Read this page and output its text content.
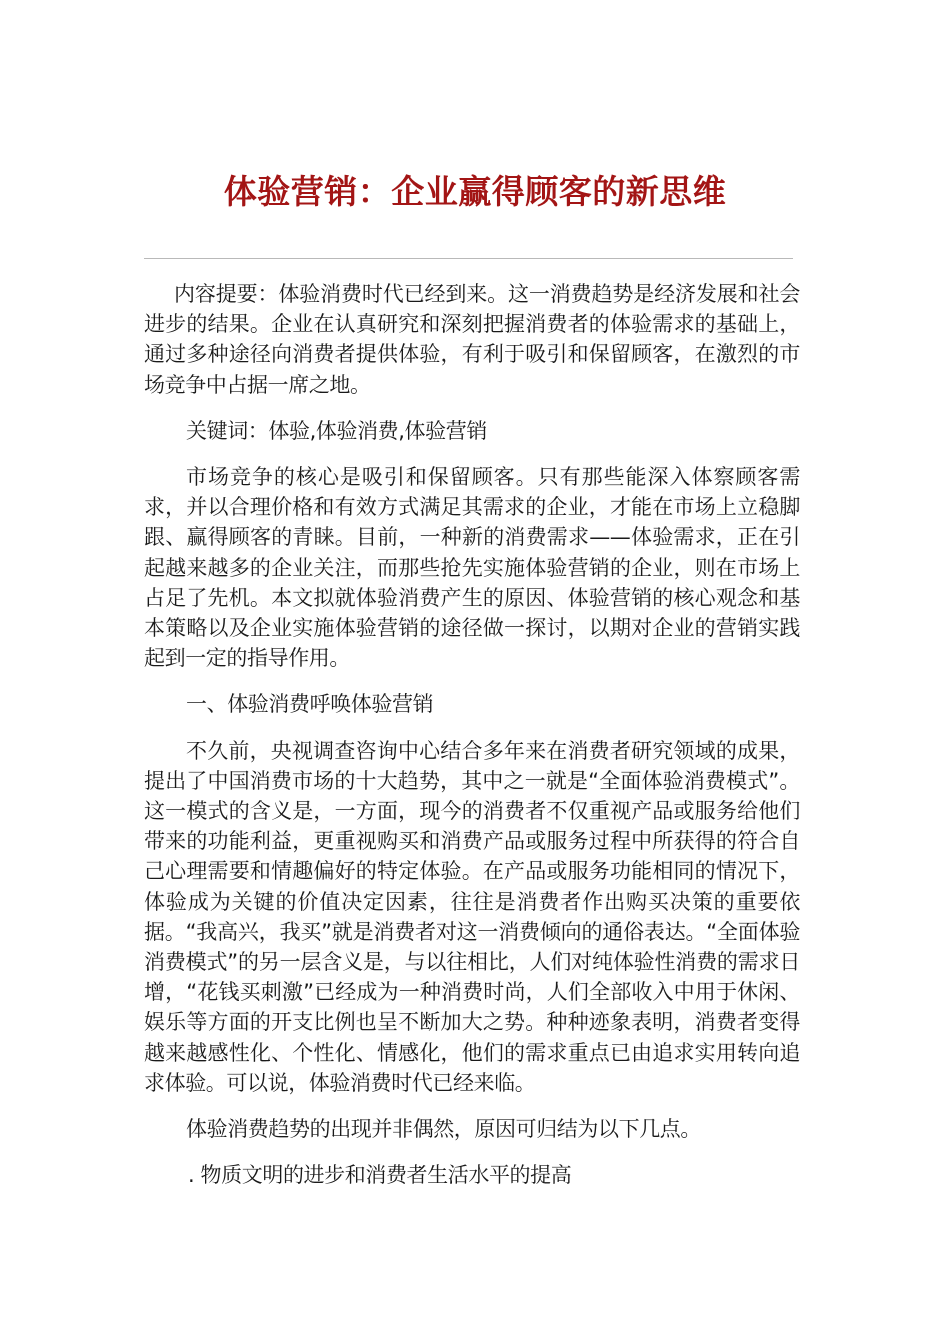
体验营销：企业赢得顾客的新思维

内容提要：体验消费时代已经到来。这一消费趋势是经济发展和社会进步的结果。企业在认真研究和深刻把握消费者的体验需求的基础上，通过多种途径向消费者提供体验，有利于吸引和保留顾客，在激烈的市场竞争中占据一席之地。

关键词：体验,体验消费,体验营销

市场竞争的核心是吸引和保留顾客。只有那些能深入体察顾客需求，并以合理价格和有效方式满足其需求的企业，才能在市场上立稳脚跟、赢得顾客的青睐。目前，一种新的消费需求——体验需求，正在引起越来越多的企业关注，而那些抢先实施体验营销的企业，则在市场上占足了先机。本文拟就体验消费产生的原因、体验营销的核心观念和基本策略以及企业实施体验营销的途径做一探讨，以期对企业的营销实践起到一定的指导作用。

一、体验消费呼唤体验营销

不久前，央视调查咨询中心结合多年来在消费者研究领域的成果，提出了中国消费市场的十大趋势，其中之一就是“全面体验消费模式”。这一模式的含义是，一方面，现今的消费者不仅重视产品或服务给他们带来的功能利益，更重视购买和消费产品或服务过程中所获得的符合自己心理需要和情趣偏好的特定体验。在产品或服务功能相同的情况下，体验成为关键的价值决定因素，往往是消费者作出购买决策的重要依据。“我高兴，我买”就是消费者对这一消费倾向的通俗表达。“全面体验消费模式”的另一层含义是，与以往相比，人们对纯体验性消费的需求日增，“花钱买刺激”已经成为一种消费时尚，人们全部收入中用于休闲、娱乐等方面的开支比例也呈不断加大之势。种种迹象表明，消费者变得越来越感性化、个性化、情感化，他们的需求重点已由追求实用转向追求体验。可以说，体验消费时代已经来临。

体验消费趋势的出现并非偶然，原因可归结为以下几点。

. 物质文明的进步和消费者生活水平的提高
